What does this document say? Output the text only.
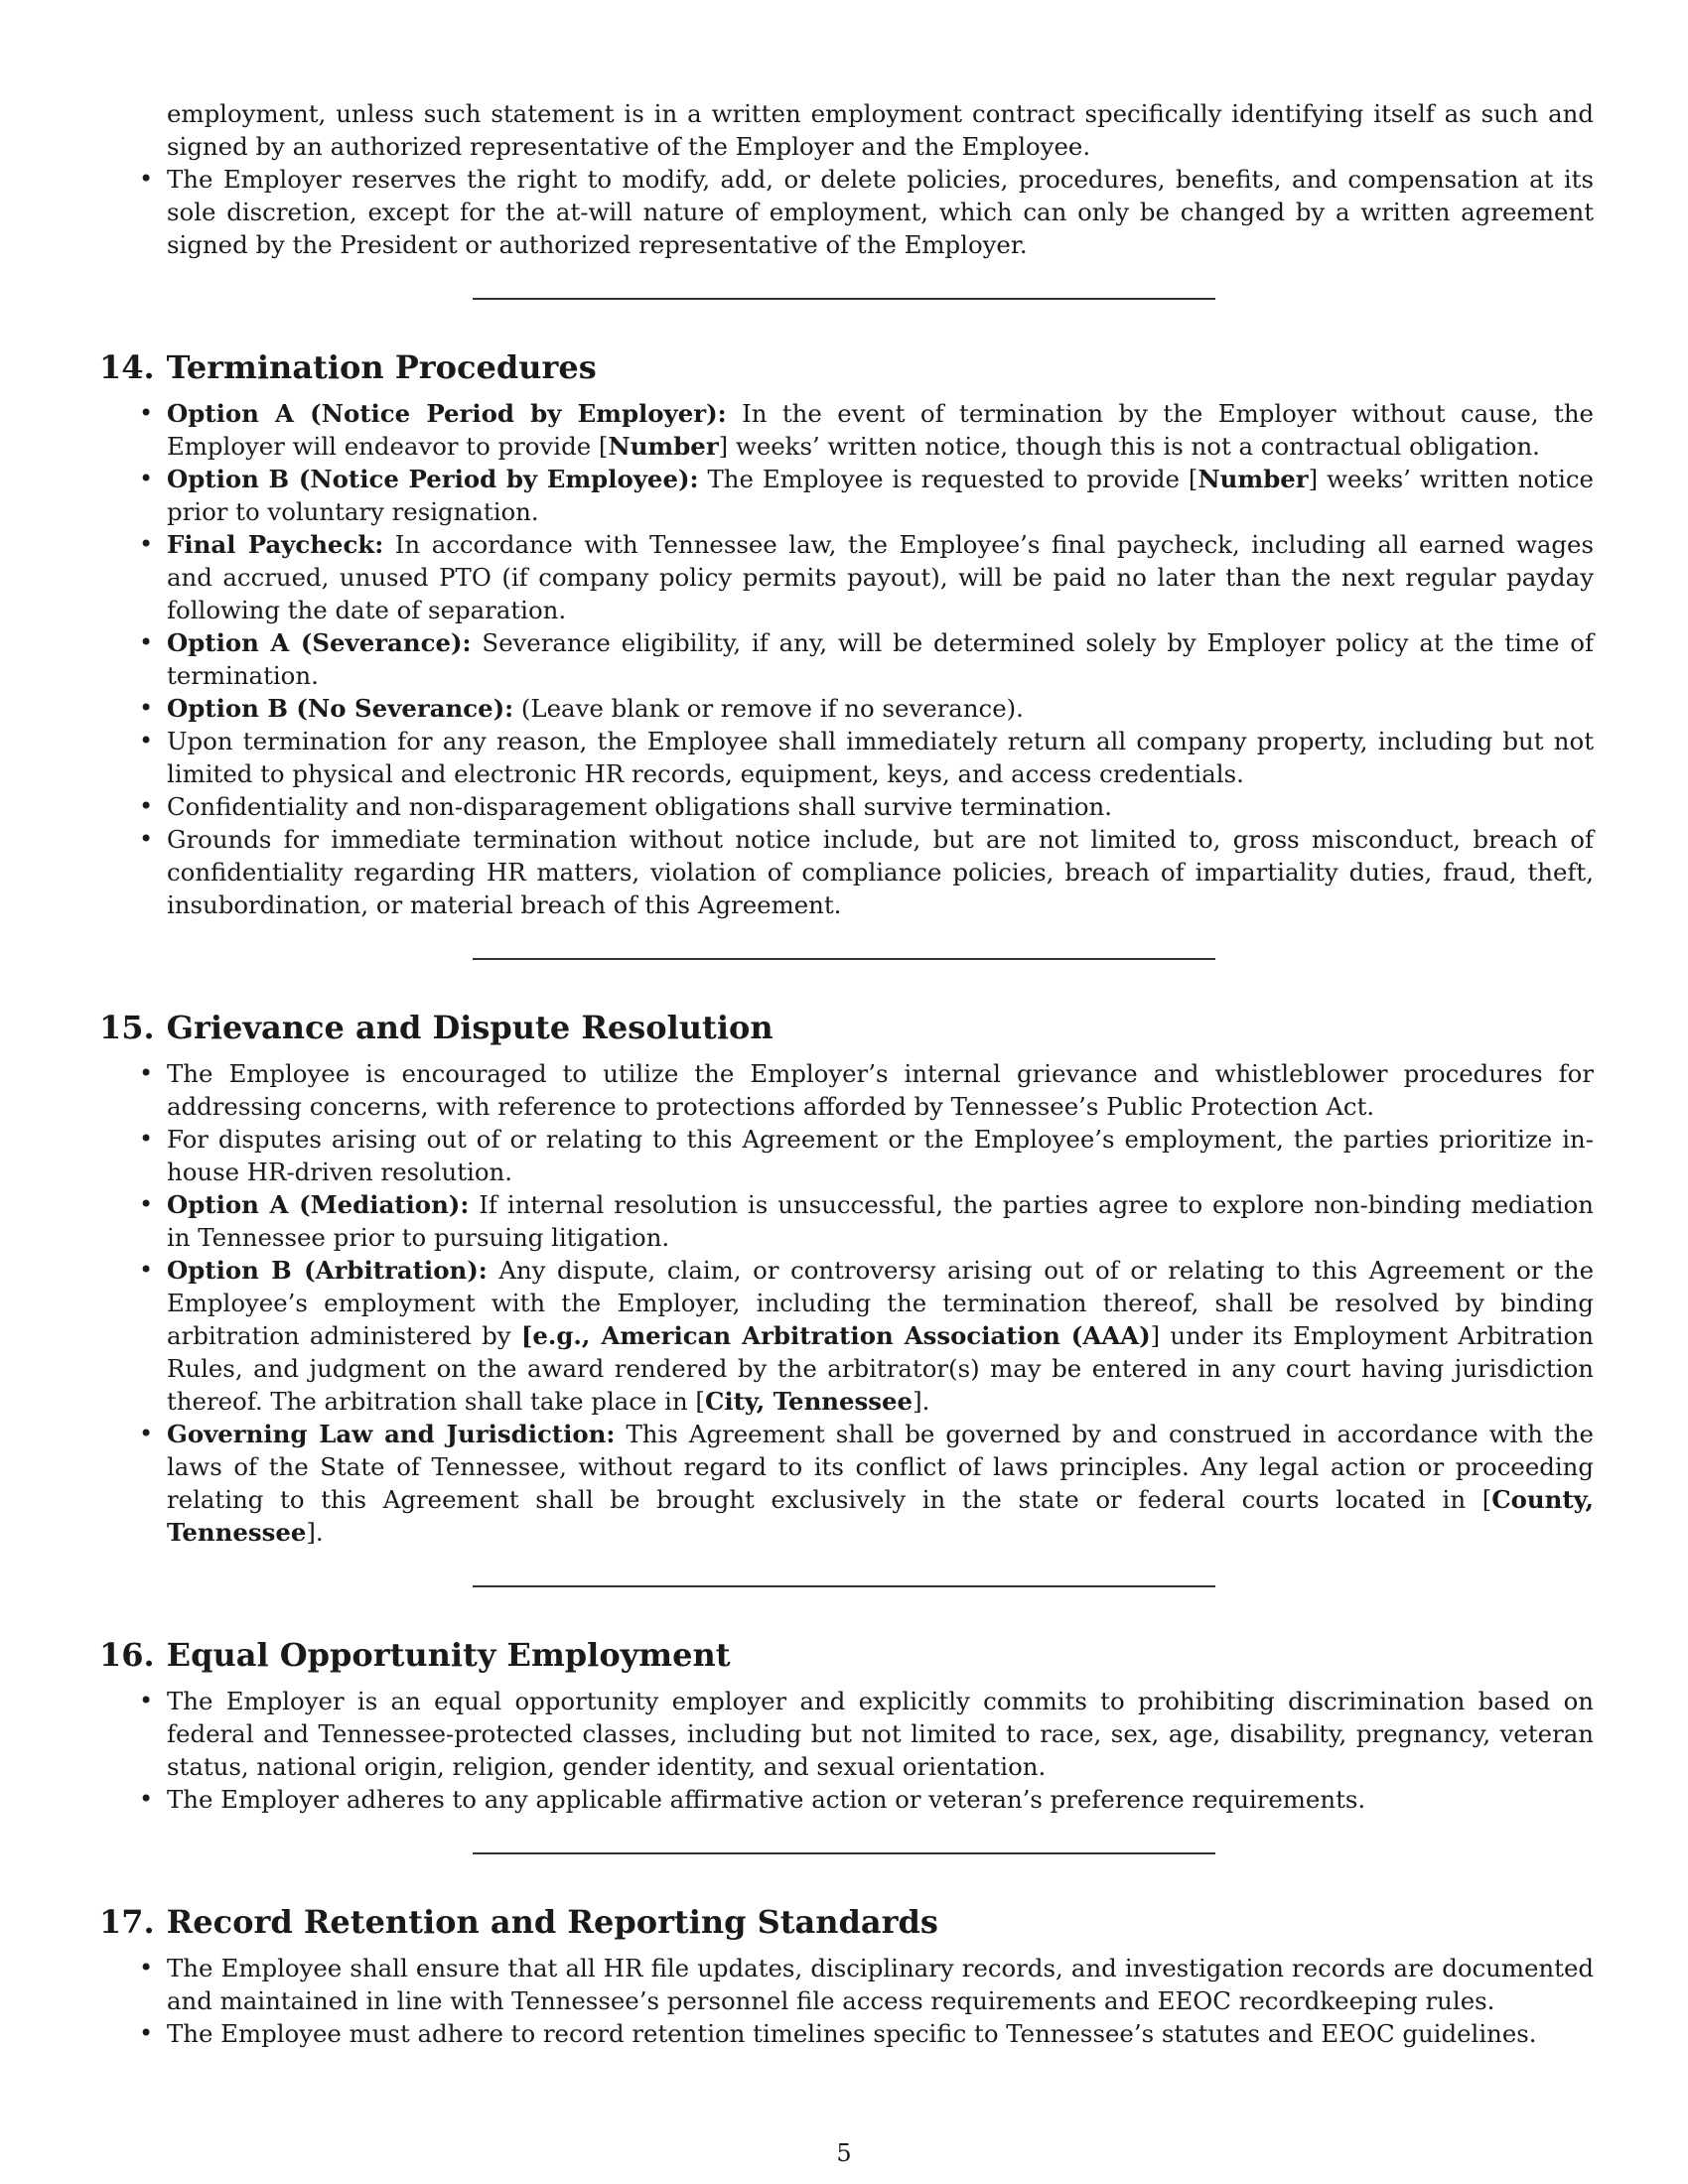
employment, unless such statement is in a written employment contract specifically identifying itself as such and signed by an authorized representative of the Employer and the Employee.

• The Employer reserves the right to modify, add, or delete policies, procedures, benefits, and compensation at its sole discretion, except for the at-will nature of employment, which can only be changed by a written agreement signed by the President or authorized representative of the Employer.
14. Termination Procedures
• Option A (Notice Period by Employer): In the event of termination by the Employer without cause, the Employer will endeavor to provide [Number] weeks’ written notice, though this is not a contractual obligation.
• Option B (Notice Period by Employee): The Employee is requested to provide [Number] weeks’ written notice prior to voluntary resignation.
• Final Paycheck: In accordance with Tennessee law, the Employee’s final paycheck, including all earned wages and accrued, unused PTO (if company policy permits payout), will be paid no later than the next regular payday following the date of separation.
• Option A (Severance): Severance eligibility, if any, will be determined solely by Employer policy at the time of termination.
• Option B (No Severance): (Leave blank or remove if no severance).
• Upon termination for any reason, the Employee shall immediately return all company property, including but not limited to physical and electronic HR records, equipment, keys, and access credentials.
• Confidentiality and non-disparagement obligations shall survive termination.
• Grounds for immediate termination without notice include, but are not limited to, gross misconduct, breach of confidentiality regarding HR matters, violation of compliance policies, breach of impartiality duties, fraud, theft, insubordination, or material breach of this Agreement.
15. Grievance and Dispute Resolution
• The Employee is encouraged to utilize the Employer’s internal grievance and whistleblower procedures for addressing concerns, with reference to protections afforded by Tennessee’s Public Protection Act.
• For disputes arising out of or relating to this Agreement or the Employee’s employment, the parties prioritize in-house HR-driven resolution.
• Option A (Mediation): If internal resolution is unsuccessful, the parties agree to explore non-binding mediation in Tennessee prior to pursuing litigation.
• Option B (Arbitration): Any dispute, claim, or controversy arising out of or relating to this Agreement or the Employee’s employment with the Employer, including the termination thereof, shall be resolved by binding arbitration administered by [e.g., American Arbitration Association (AAA)] under its Employment Arbitration Rules, and judgment on the award rendered by the arbitrator(s) may be entered in any court having jurisdiction thereof. The arbitration shall take place in [City, Tennessee].
• Governing Law and Jurisdiction: This Agreement shall be governed by and construed in accordance with the laws of the State of Tennessee, without regard to its conflict of laws principles. Any legal action or proceeding relating to this Agreement shall be brought exclusively in the state or federal courts located in [County, Tennessee].
16. Equal Opportunity Employment
• The Employer is an equal opportunity employer and explicitly commits to prohibiting discrimination based on federal and Tennessee-protected classes, including but not limited to race, sex, age, disability, pregnancy, veteran status, national origin, religion, gender identity, and sexual orientation.
• The Employer adheres to any applicable affirmative action or veteran’s preference requirements.
17. Record Retention and Reporting Standards
• The Employee shall ensure that all HR file updates, disciplinary records, and investigation records are documented and maintained in line with Tennessee’s personnel file access requirements and EEOC recordkeeping rules.
• The Employee must adhere to record retention timelines specific to Tennessee’s statutes and EEOC guidelines.
5
